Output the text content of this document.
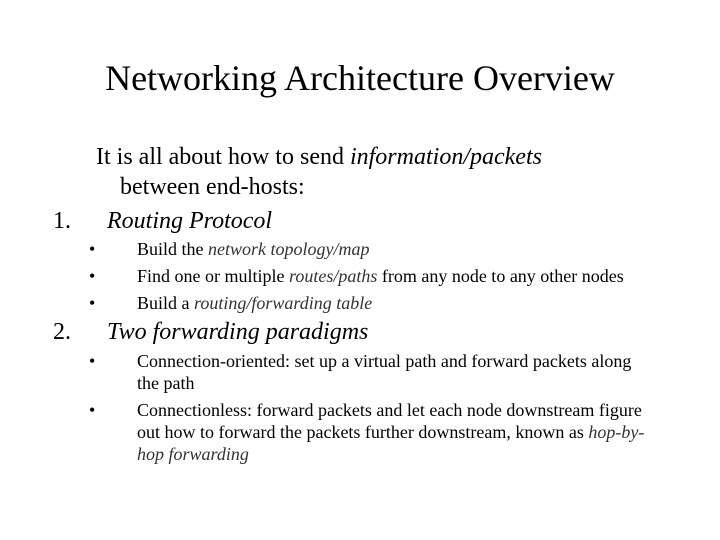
Networking Architecture Overview
It is all about how to send information/packets
between end-hosts:
1. Routing Protocol
• Build the network topology/map
• Find one or multiple routes/paths from any node to any other nodes
• Build a routing/forwarding table
2. Two forwarding paradigms
• Connection-oriented: set up a virtual path and forward packets along
the path
• Connectionless: forward packets and let each node downstream figure
out how to forward the packets further downstream, known as hop-by-
hop forwarding
